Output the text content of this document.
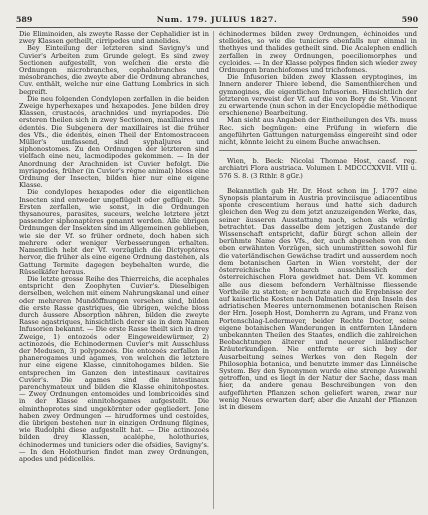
589	Num. 179. JULIUS 1827.	590

Die Eliminoiden, als zweyte Rasse der Cephalidier ist in zwey Klassen getheilt, cirripedes und annelides.

Bey Einteilung der letzteren sind Savigny's und Cuvier's Arbeiten zum Grunde gelegt. Es sind zwey Sectionen aufgestellt, von welchen die erste die Ordnungen microbranches, cephalobranches und mésobranches, die zweyte aber die Ordnung abranches, Cuv. enthält, welche nur eine Gattung Lombrics in sich begreift.

Die neu folgenden Condylopen zerfallen in die beiden Zweige hyperhexapes und hexapodes. Jene bilden drey Klassen, crustacés, arachnides und myriapodes. Die ersteren theilen sich in zwey Sectionen, maxillaires und édentés. Die Subgenera der maxillaires ist die früher des Vfs., die édentés, einen Theil der Entomostraceen Müller's umfassend, sind syphaljures und siphonostomes. Zu den Ordnungen der letzteren sind vielfach eine neu, lacmodipodes gekommen. — In der Anordnung der Arachniden ist Cuvier befolgt. Die myriapodes, früher (in Cuvier's règne animal) bloss eine Ordnung der Insecten, bilden hier nur eine eigene Klasse.

Die condylopes hexapodes oder die eigentlichen Insecten sind entweder ungeflügelt oder geflügelt. Die Ersten zerfallen, wie sonst, in die Ordnungen thysanoures, parasites, suceurs, welche letztere jetzt passender siphonaptères genannt werden. Alle übrigen Ordnungen der Insekten sind im Allgemeinen geblieben, wie sie der Vf. so früher ordnete, doch haben sich mehrere oder weniger Verbesserungen erhalten. Namentlich hebt der Vf. vorzüglich die Dictyoptères hervor, die früher als eine eigene Ordnung dastehen, als Gattung Termite dagegen beybehalten wurde, die Rüsselkäfer heraus.

Die letzte grosse Reihe des Thierreichs, die acephales entspricht den Zoophyten Cuvier's. Dieselbigen derselben, welchen mit einem Nahrungskanal und einer oder mehreren Mundöffnungen versehen sind, bilden die erste Rasse gastriques, die übrigen, welche bloss durch äussere Absorption nähren, bilden die zweyte Rasse agastriques, hinsichtlich derer sie in dem Namen Infusorien bekannt. — Die erste Rasse theilt sich in drey Zweige, 1) entozoés oder Eingeweidewürmer, 2) actinozoés, die Echinodermen Cuvier's mit Ausschluss der Medusen, 3) polypozoés. Die entozoés zerfallen in phanerogames und agames, von welchen die letztere nur eine eigene Klasse, cinnitohogames bilden. Sie entsprechen im Ganzen den intestinaux cavitaires Cuvier's. Die agames sind die intestinaux parenchymateux und bilden die Klasse ehinitohpostes. — Zwey Ordnungen entomoides und lombricoides sind in der Klasse einnitohogames aufgestellt. Die elminthoprotes sind ungekörnter oder gegliedert. Jene haben zwey Ordnungen — hirudformes und cestoides, die übrigen bestehen nur in einzigen Ordnung filgines, wie Rudolphi diese aufgestellt hat. — Die actinozoés bilden drey Klassen, acaléphe, holothuries, échinodermes und tuniciers oder die ofsidies, Savigny's. — In den Holothurien findet man zwey Ordnungen, apodes und pédicellés.

échinodermes bilden zwey Ordnungen, échinoides und stelloides, so wie die tuniciers ebenfalls nur einmal in thethyes und thalides getheilt sind. Die Acalephen endlich zerfallen in zwey Ordnungen, poeciliomorphes und cycloides. — In der Klasse polypes finden sich wieder zwey Ordnungen branchiofomes und trichofomes.

Die Infusorien bilden zwey Klassen eryptogines, im Innern anderer Thiere lebend, die Samenthierchen und gymnogines, die eigentlichen Infusorien. Hinsichtlich der letzteren verweist der Vf. auf die von Bory de St. Vincent zu erwartende (nun schon in der Encyclopédie méthodique erschienene) Bearbeitung.

Man sieht aus Angaben der Eintheilungen des Vfs. muss Rec. sich begnügen: eine Prüfung in wiefern die angeführten Gattungen naturgemäss eingereiht sind oder nicht, könnte leicht zu einem Buche anwachsen.

Wien, b. Beck: Nicolai Thomae Host, caesf. reg. archiatri Flora austriaca. Volumen I. MDCCCXXVII. VIII u. 576 S. 8. (3 Rthlr. 8 gGr.)

Bekanntlich gab Hr. Dr. Host schon im J. 1797 eine Synopsis plantarum in Austria provinciisque adiacentibus sponte crescentium heraus und hatte sich dadurch gleichen den Weg zu dem jetzt anzuzeigenden Werke, das, seiner äusseren Ausstattung nach, schon als würdig betrachtet. Das dasselbe dem jetzigen Zustande der Wissenschaft entspricht, dafür bürgt schon allein der berühmte Name des Vfs., der, auch abgesehen von den eben erwähnten Vorzügen, sich unumstritten sowohl für die vaterländischen Gewächse tradirt und ausserdem noch dem botanischen Garten in Wien vorsteht, der der österreichische Monarch ausschliesslich der österreichischen Flora gewidmet hat. Dem Vf. kommen alle aus diesem befondern Verhältnisse fliessende Vortheile zu statten; er benutzte auch die Ergebnisse der auf kaiserliche Kosten nach Dalmatien und den Inseln des adriatischen Meeres unternommenen botanischen Reisen der Hrn. Joseph Host, Domherrn zu Agram, und Franz von Portenschlag-Ledermeyer, beider Rechte Doctor, seine eigene botanischen Wanderungen in entfernten Ländern unbekannten Theilen des Staates, endlich die zahlreichen Beobachtungen älterer und neuerer inländischer Kräuterkundigen. Nie entfernte er sich bey der Ausarbeitung seines Werkes von den Regeln der Philosophia botanica, und benutzte immer das Linnéische System. Bey den Synonymen wurde eine strenge Auswahl getroffen, und es liegt in der Natur der Sache, dass man hier, da andere genau Beschreibungen von den aufgeführten Pflanzen schon geliefert waren, zwar nur wenig Neues erwarten darf; aber die Anzahl der Pflanzen ist in diesem
